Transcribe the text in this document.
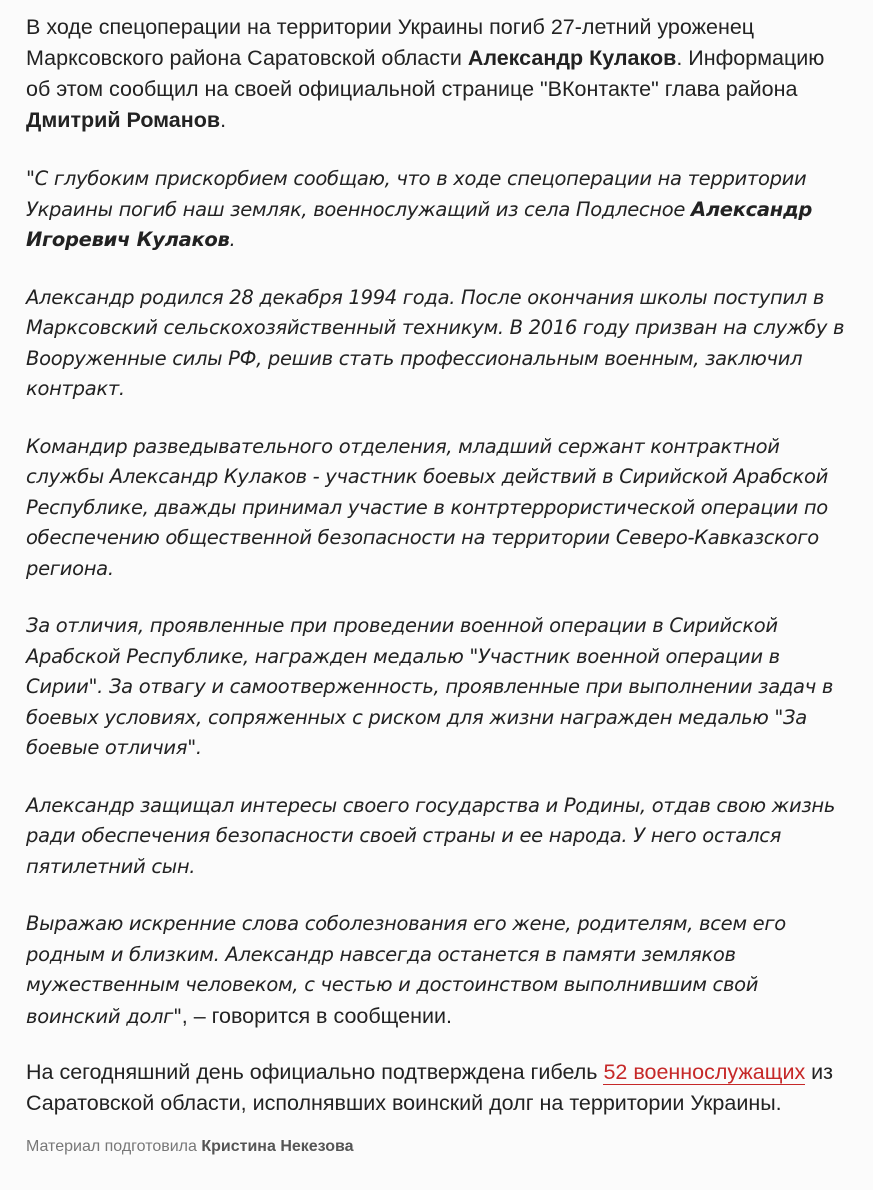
В ходе спецоперации на территории Украины погиб 27-летний уроженец Марксовского района Саратовской области Александр Кулаков. Информацию об этом сообщил на своей официальной странице "ВКонтакте" глава района Дмитрий Романов.

"С глубоким прискорбием сообщаю, что в ходе спецоперации на территории Украины погиб наш земляк, военнослужащий из села Подлесное Александр Игоревич Кулаков.

Александр родился 28 декабря 1994 года. После окончания школы поступил в Марксовский сельскохозяйственный техникум. В 2016 году призван на службу в Вооруженные силы РФ, решив стать профессиональным военным, заключил контракт.

Командир разведывательного отделения, младший сержант контрактной службы Александр Кулаков - участник боевых действий в Сирийской Арабской Республике, дважды принимал участие в контртеррористической операции по обеспечению общественной безопасности на территории Северо-Кавказского региона.

За отличия, проявленные при проведении военной операции в Сирийской Арабской Республике, награжден медалью "Участник военной операции в Сирии". За отвагу и самоотверженность, проявленные при выполнении задач в боевых условиях, сопряженных с риском для жизни награжден медалью "За боевые отличия".

Александр защищал интересы своего государства и Родины, отдав свою жизнь ради обеспечения безопасности своей страны и ее народа. У него остался пятилетний сын.

Выражаю искренние слова соболезнования его жене, родителям, всем его родным и близким. Александр навсегда останется в памяти земляков мужественным человеком, с честью и достоинством выполнившим свой воинский долг", – говорится в сообщении.

На сегодняшний день официально подтверждена гибель 52 военнослужащих из Саратовской области, исполнявших воинский долг на территории Украины.

Материал подготовила Кристина Некезова
